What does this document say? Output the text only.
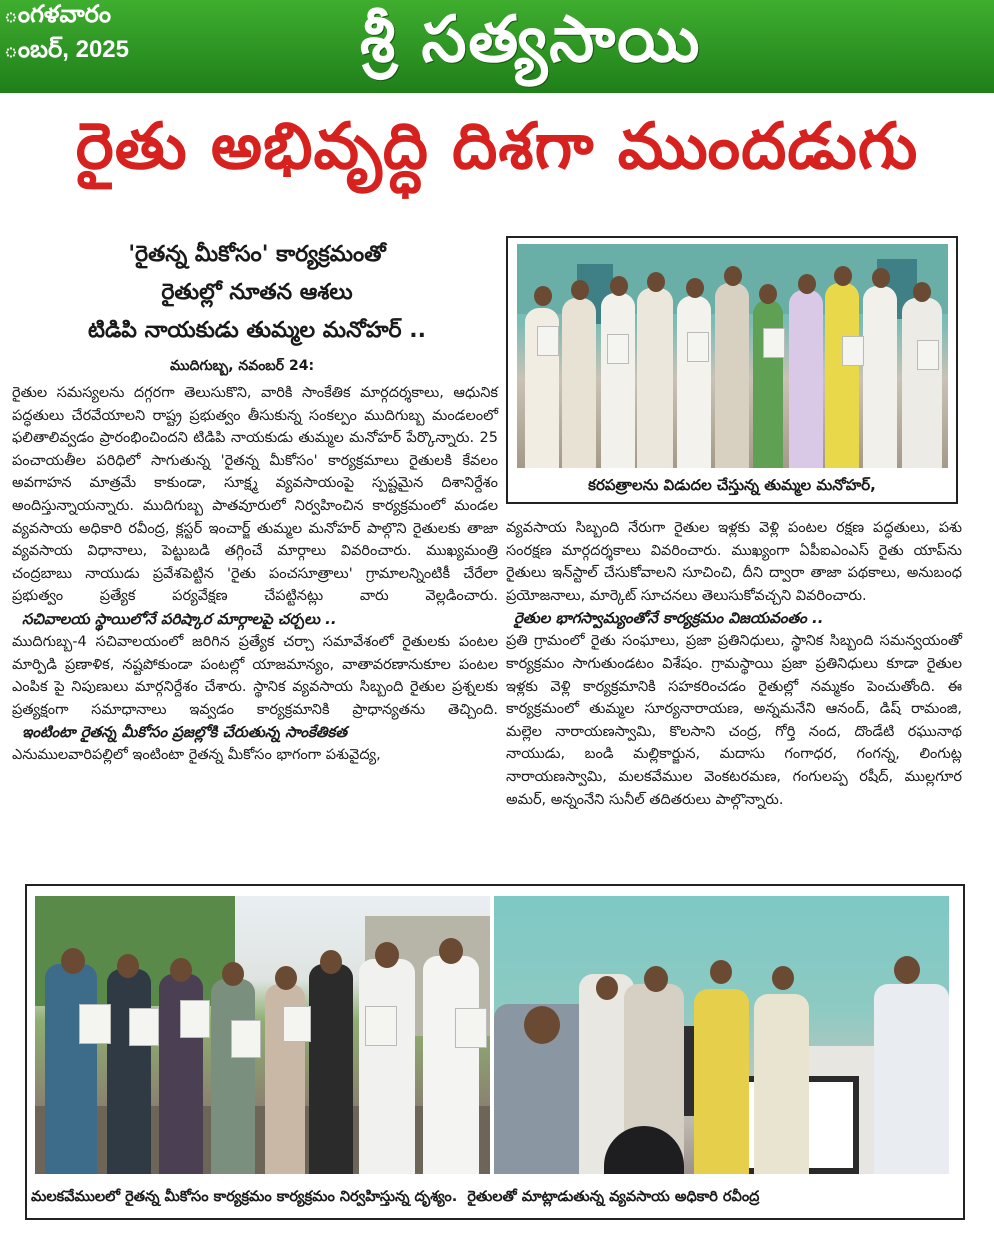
ంగళవారం
ంబర్, 2025	శ్రీ సత్యసాయి
రైతు అభివృద్ధి దిశగా ముందడుగు
'రైతన్న మీకోసం' కార్యక్రమంతో
రైతుల్లో నూతన ఆశలు
టిడిపి నాయకుడు తుమ్మల మనోహర్ ..
ముదిగుబ్బ, నవంబర్ 24:

రైతుల సమస్యలను దగ్గరగా తెలుసుకొని, వారికి సాంకేతిక మార్గదర్శకాలు, ఆధునిక పద్ధతులు చేరవేయాలని రాష్ట్ర ప్రభుత్వం తీసుకున్న సంకల్పం ముదిగుబ్బ మండలంలో ఫలితాలివ్వడం ప్రారంభించిందని టిడిపి నాయకుడు తుమ్మల మనోహర్ పేర్కొన్నారు. 25 పంచాయతీల పరిధిలో సాగుతున్న 'రైతన్న మీకోసం' కార్యక్రమాలు రైతులకి కేవలం అవగాహన మాత్రమే కాకుండా, సూక్ష్మ వ్యవసాయంపై స్పష్టమైన దిశానిర్దేశం అందిస్తున్నాయన్నారు. ముదిగుబ్బ పాతవూరులో నిర్వహించిన కార్యక్రమంలో మండల వ్యవసాయ అధికారి రవీంద్ర, క్లస్టర్ ఇంచార్జ్ తుమ్మల మనోహర్ పాల్గొని రైతులకు తాజా వ్యవసాయ విధానాలు, పెట్టుబడి తగ్గించే మార్గాలు వివరించారు. ముఖ్యమంత్రి చంద్రబాబు నాయుడు ప్రవేశపెట్టిన 'రైతు పంచసూత్రాలు' గ్రామాలన్నింటికీ చేరేలా ప్రభుత్వం ప్రత్యేక పర్యవేక్షణ చేపట్టినట్లు వారు వెల్లడించారు.

సచివాలయ స్థాయిలోనే పరిష్కార మార్గాలపై చర్చలు ..

ముదిగుబ్బ-4 సచివాలయంలో జరిగిన ప్రత్యేక చర్చా సమావేశంలో రైతులకు పంటల మార్పిడి ప్రణాళిక, నష్టపోకుండా పంటల్లో యాజమాన్యం, వాతావరణానుకూల పంటల ఎంపిక పై నిపుణులు మార్గనిర్దేశం చేశారు. స్థానిక వ్యవసాయ సిబ్బంది రైతుల ప్రశ్నలకు ప్రత్యక్షంగా సమాధానాలు ఇవ్వడం కార్యక్రమానికి ప్రాధాన్యతను తెచ్చింది.

ఇంటింటా రైతన్న మీకోసం ప్రజల్లోకి చేరుతున్న సాంకేతికత

ఎనుములవారిపల్లిలో ఇంటింటా రైతన్న మీకోసం భాగంగా పశువైద్య,

కరపత్రాలను విడుదల చేస్తున్న తుమ్మల మనోహర్,

వ్యవసాయ సిబ్బంది నేరుగా రైతుల ఇళ్లకు వెళ్లి పంటల రక్షణ పద్ధతులు, పశు సంరక్షణ మార్గదర్శకాలు వివరించారు. ముఖ్యంగా ఏపీఐఎంఎస్ రైతు యాప్‌ను రైతులు ఇన్‌స్టాల్ చేసుకోవాలని సూచించి, దీని ద్వారా తాజా పథకాలు, అనుబంధ ప్రయోజనాలు, మార్కెట్ సూచనలు తెలుసుకోవచ్చని వివరించారు.

రైతుల భాగస్వామ్యంతోనే కార్యక్రమం విజయవంతం ..

ప్రతి గ్రామంలో రైతు సంఘాలు, ప్రజా ప్రతినిధులు, స్థానిక సిబ్బంది సమన్వయంతో కార్యక్రమం సాగుతుండటం విశేషం. గ్రామస్థాయి ప్రజా ప్రతినిధులు కూడా రైతుల ఇళ్లకు వెళ్లి కార్యక్రమానికి సహకరించడం రైతుల్లో నమ్మకం పెంచుతోంది. ఈ కార్యక్రమంలో తుమ్మల సూర్యనారాయణ, అన్నమనేని ఆనంద్, డిష్ రామంజి, మల్లెల నారాయణస్వామి, కొలసాని చంద్ర, గోర్తి నంద, దొండేటి రఘునాథ నాయుడు, బండి మల్లికార్జున, మదాసు గంగాధర, గంగన్న, లింగుట్ల నారాయణస్వామి, మలకవేముల వెంకటరమణ, గంగులప్ప రషీద్, ముల్లగూర అమర్, అన్నంనేని సునీల్ తదితరులు పాల్గొన్నారు.

మలకవేములలో రైతన్న మీకోసం కార్యక్రమం కార్యక్రమం నిర్వహిస్తున్న దృశ్యం. రైతులతో మాట్లాడుతున్న వ్యవసాయ అధికారి రవీంద్ర
